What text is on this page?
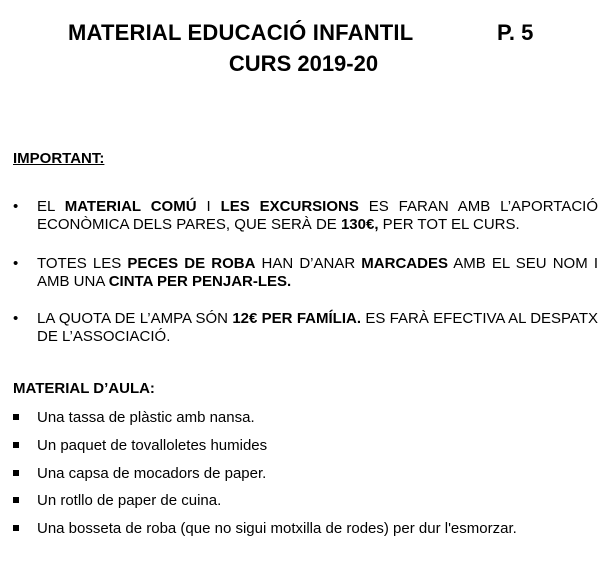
MATERIAL EDUCACIÓ INFANTIL	P. 5
CURS 2019-20
IMPORTANT:
•	EL MATERIAL COMÚ I LES EXCURSIONS ES FARAN AMB L’APORTACIÓ ECONÒMICA DELS PARES, QUE SERÀ DE 130€, PER TOT EL CURS.
•	TOTES LES PECES DE ROBA HAN D’ANAR MARCADES AMB EL SEU NOM I AMB UNA CINTA PER PENJAR-LES.
•	LA QUOTA DE L’AMPA SÓN 12€ PER FAMÍLIA. ES FARÀ EFECTIVA AL DESPATX DE L’ASSOCIACIÓ.
MATERIAL D’AULA:
Una tassa de plàstic amb nansa.
Un paquet de tovalloletes humides
Una capsa de mocadors de paper.
Un rotllo de paper de cuina.
Una bosseta de roba (que no sigui motxilla de rodes) per dur l'esmorzar.
